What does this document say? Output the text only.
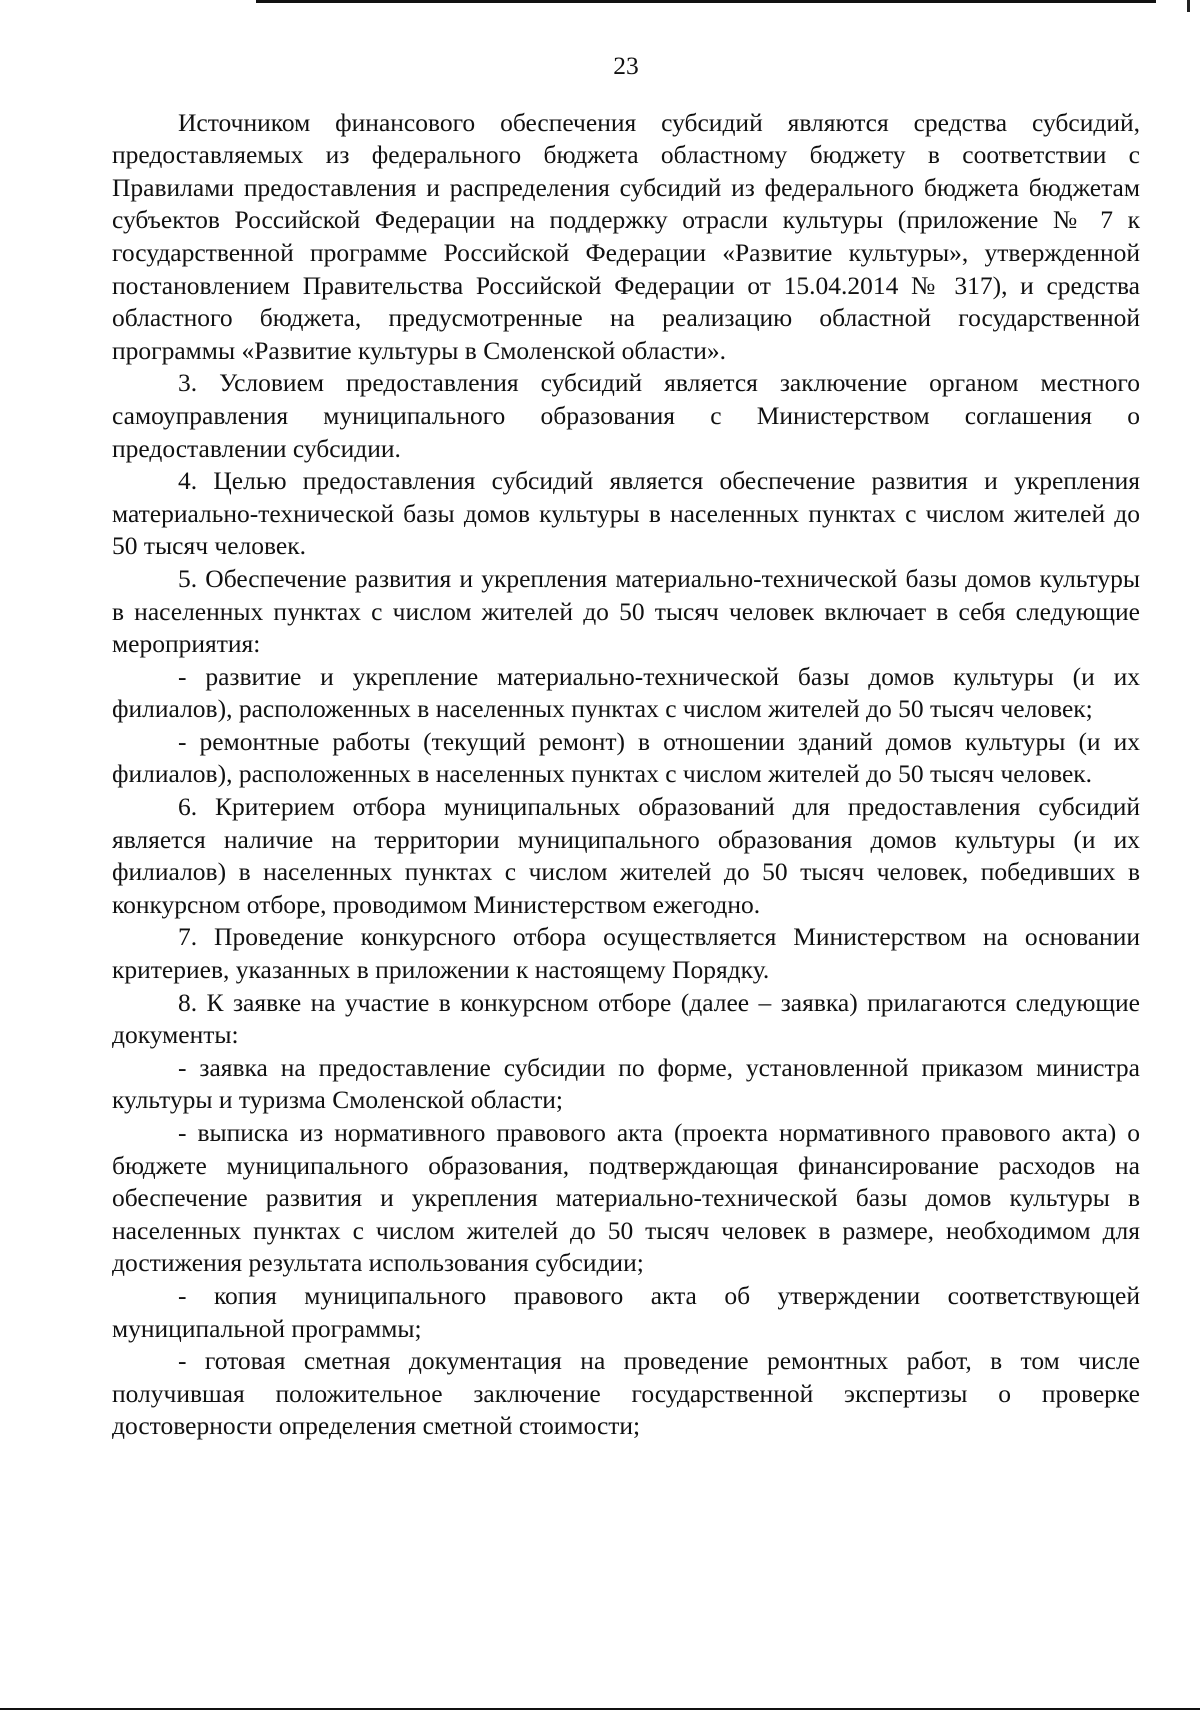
23

Источником финансового обеспечения субсидий являются средства субсидий, предоставляемых из федерального бюджета областному бюджету в соответствии с Правилами предоставления и распределения субсидий из федерального бюджета бюджетам субъектов Российской Федерации на поддержку отрасли культуры (приложение № 7 к государственной программе Российской Федерации «Развитие культуры», утвержденной постановлением Правительства Российской Федерации от 15.04.2014 № 317), и средства областного бюджета, предусмотренные на реализацию областной государственной программы «Развитие культуры в Смоленской области».

3. Условием предоставления субсидий является заключение органом местного самоуправления муниципального образования с Министерством соглашения о предоставлении субсидии.

4. Целью предоставления субсидий является обеспечение развития и укрепления материально-технической базы домов культуры в населенных пунктах с числом жителей до 50 тысяч человек.

5. Обеспечение развития и укрепления материально-технической базы домов культуры в населенных пунктах с числом жителей до 50 тысяч человек включает в себя следующие мероприятия:

- развитие и укрепление материально-технической базы домов культуры (и их филиалов), расположенных в населенных пунктах с числом жителей до 50 тысяч человек;

- ремонтные работы (текущий ремонт) в отношении зданий домов культуры (и их филиалов), расположенных в населенных пунктах с числом жителей до 50 тысяч человек.

6. Критерием отбора муниципальных образований для предоставления субсидий является наличие на территории муниципального образования домов культуры (и их филиалов) в населенных пунктах с числом жителей до 50 тысяч человек, победивших в конкурсном отборе, проводимом Министерством ежегодно.

7. Проведение конкурсного отбора осуществляется Министерством на основании критериев, указанных в приложении к настоящему Порядку.

8. К заявке на участие в конкурсном отборе (далее – заявка) прилагаются следующие документы:

- заявка на предоставление субсидии по форме, установленной приказом министра культуры и туризма Смоленской области;

- выписка из нормативного правового акта (проекта нормативного правового акта) о бюджете муниципального образования, подтверждающая финансирование расходов на обеспечение развития и укрепления материально-технической базы домов культуры в населенных пунктах с числом жителей до 50 тысяч человек в размере, необходимом для достижения результата использования субсидии;

- копия муниципального правового акта об утверждении соответствующей муниципальной программы;

- готовая сметная документация на проведение ремонтных работ, в том числе получившая положительное заключение государственной экспертизы о проверке достоверности определения сметной стоимости;
